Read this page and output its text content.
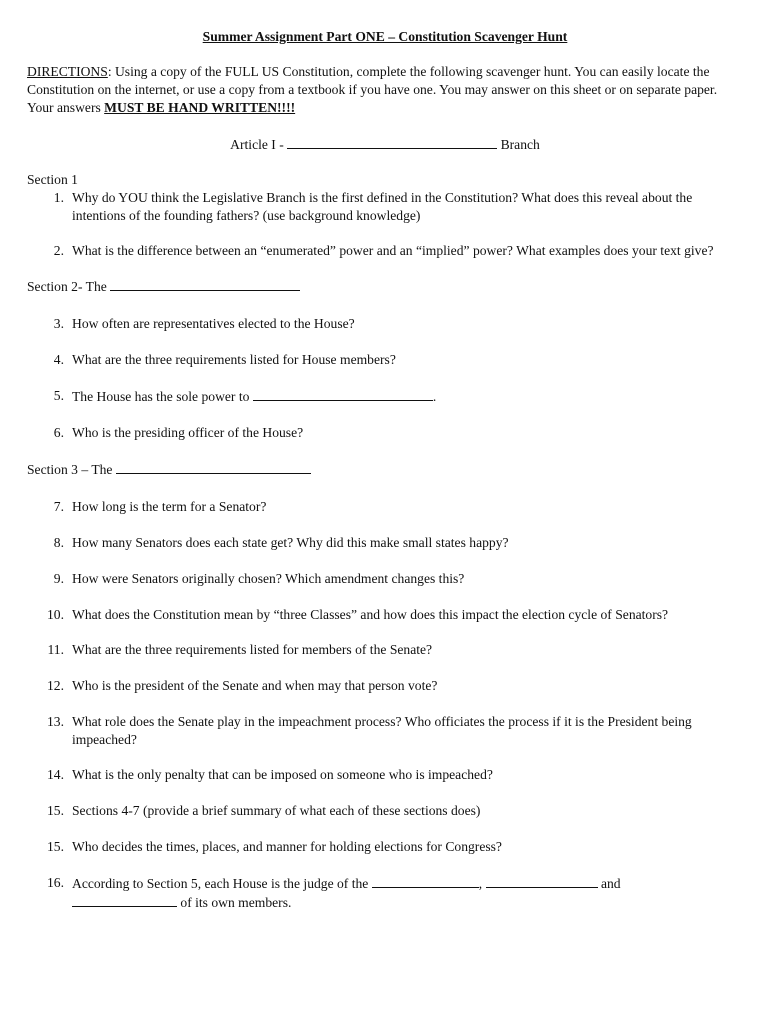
Summer Assignment Part ONE – Constitution Scavenger Hunt
DIRECTIONS: Using a copy of the FULL US Constitution, complete the following scavenger hunt. You can easily locate the Constitution on the internet, or use a copy from a textbook if you have one. You may answer on this sheet or on separate paper. Your answers MUST BE HAND WRITTEN!!!!
Article I -	Branch
Section 1
1. Why do YOU think the Legislative Branch is the first defined in the Constitution? What does this reveal about the intentions of the founding fathers? (use background knowledge)
2. What is the difference between an “enumerated” power and an “implied” power? What examples does your text give?
Section 2- The
3. How often are representatives elected to the House?
4. What are the three requirements listed for House members?
5. The House has the sole power to	.
6. Who is the presiding officer of the House?
Section 3 – The
7. How long is the term for a Senator?
8. How many Senators does each state get? Why did this make small states happy?
9. How were Senators originally chosen? Which amendment changes this?
10. What does the Constitution mean by “three Classes” and how does this impact the election cycle of Senators?
11. What are the three requirements listed for members of the Senate?
12. Who is the president of the Senate and when may that person vote?
13. What role does the Senate play in the impeachment process? Who officiates the process if it is the President being impeached?
14. What is the only penalty that can be imposed on someone who is impeached?
15. Sections 4-7 (provide a brief summary of what each of these sections does)
15. Who decides the times, places, and manner for holding elections for Congress?
16. According to Section 5, each House is the judge of the	,	and
of its own members.
